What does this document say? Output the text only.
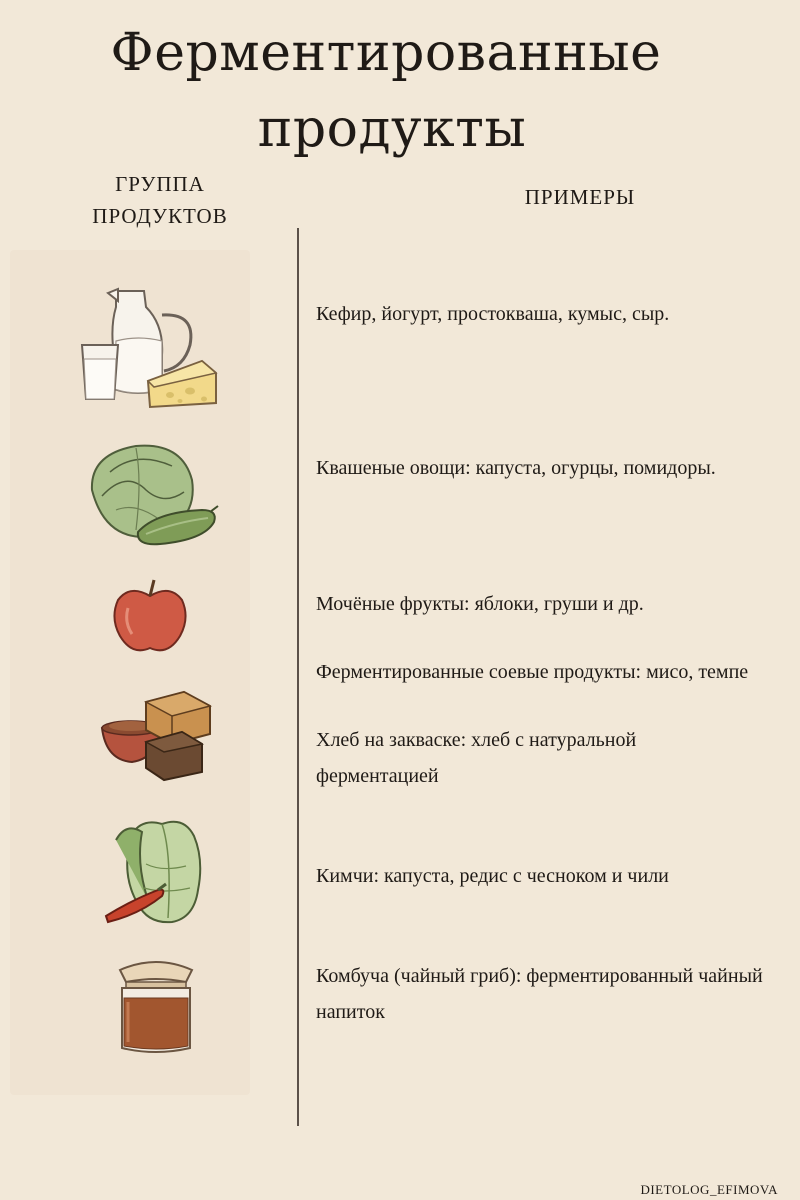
Ферментированные
продукты
ГРУППА
ПРОДУКТОВ
ПРИМЕРЫ
Кефир, йогурт, простокваша, кумыс, сыр.
Квашеные овощи: капуста, огурцы, помидоры.
Мочёные фрукты: яблоки, груши и др.
Ферментированные соевые продукты: мисо, темпе
Хлеб на закваске: хлеб с натуральной ферментацией
Кимчи: капуста, редис с чесноком и чили
Комбуча (чайный гриб): ферментированный чайный напиток
DIETOLOG_EFIMOVA
